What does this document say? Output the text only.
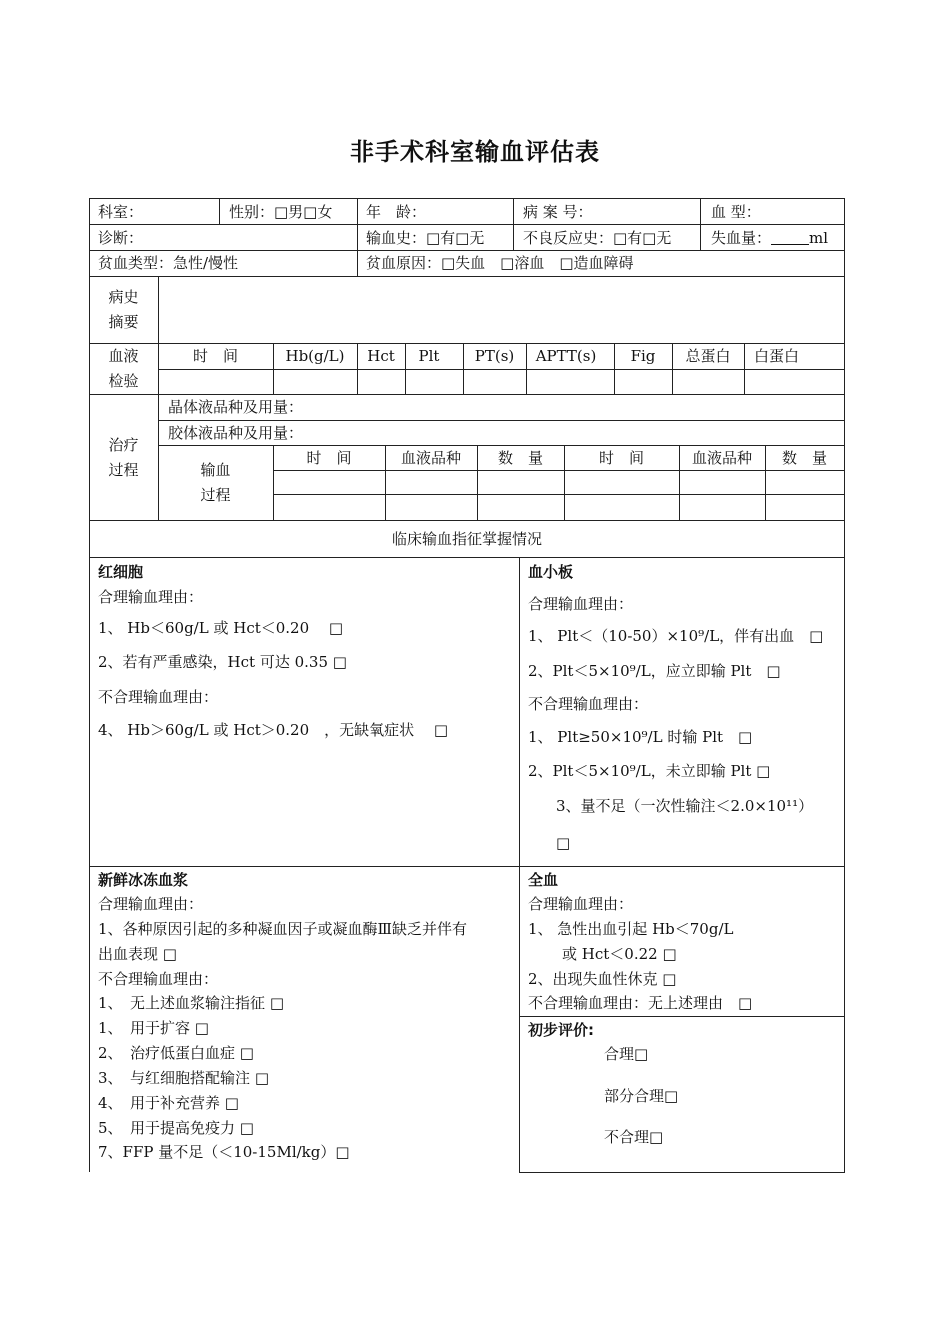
非手术科室输血评估表
科室：	性别：□男□女 年　龄：	病 案 号：	血 型：
诊断：	输血史：□有□无	不良反应史：□有□无	失血量：	ml
贫血类型：急性/慢性	贫血原因：□失血　□溶血　□造血障碍
病史
摘要
血液
检验
时　间	Hb(g/L)	Hct	Plt	PT(s)	APTT(s)	Fig	总蛋白	白蛋白
治疗
过程
晶体液品种及用量：
胶体液品种及用量：
输血
过程
时　间	血液品种	数　量	时　间	血液品种	数　量
临床输血指征掌握情况
红细胞
合理输血理由：
1、 Hb＜60g/L 或 Hct＜0.20　 □
2、若有严重感染，Hct 可达 0.35 □
不合理输血理由：
4、 Hb＞60g/L 或 Hct＞0.20　，无缺氧症状　 □
血小板
合理输血理由：
1、 Plt＜（10-50）×10⁹/L，伴有出血　□
2、Plt＜5×10⁹/L，应立即输 Plt　□
不合理输血理由：
1、 Plt≥50×10⁹/L 时输 Plt　□
2、Plt＜5×10⁹/L，未立即输 Plt □
3、量不足（一次性输注＜2.0×10¹¹）
□
新鲜冰冻血浆
合理输血理由：
1、各种原因引起的多种凝血因子或凝血酶Ⅲ缺乏并伴有
出血表现 □
不合理输血理由：
1、　无上述血浆输注指征 □
1、　用于扩容 □
2、　治疗低蛋白血症 □
3、　与红细胞搭配输注 □
4、　用于补充营养 □
5、　用于提高免疫力 □
7、FFP 量不足（＜10-15Ml/kg）□
全血
合理输血理由：
1、 急性出血引起 Hb＜70g/L
或 Hct＜0.22 □
2、出现失血性休克 □
不合理输血理由：无上述理由　□
初步评价:
合理□
部分合理□
不合理□
